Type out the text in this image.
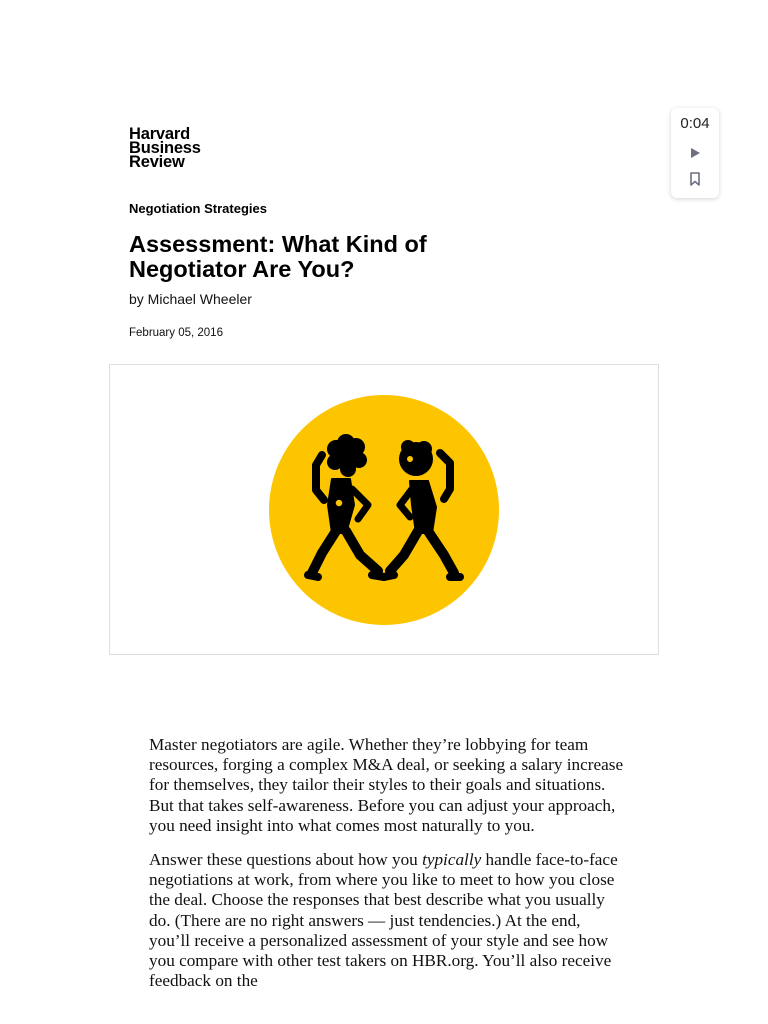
Harvard
Business
Review
Negotiation Strategies
Assessment: What Kind of Negotiator Are You?
by Michael Wheeler
February 05, 2016

Master negotiators are agile. Whether they’re lobbying for team resources, forging a complex M&A deal, or seeking a salary increase for themselves, they tailor their styles to their goals and situations. But that takes self-awareness. Before you can adjust your approach, you need insight into what comes most naturally to you.

Answer these questions about how you typically handle face-to-face negotiations at work, from where you like to meet to how you close the deal. Choose the responses that best describe what you usually do. (There are no right answers — just tendencies.) At the end, you’ll receive a personalized assessment of your style and see how you compare with other test takers on HBR.org. You’ll also receive feedback on the

0:04
